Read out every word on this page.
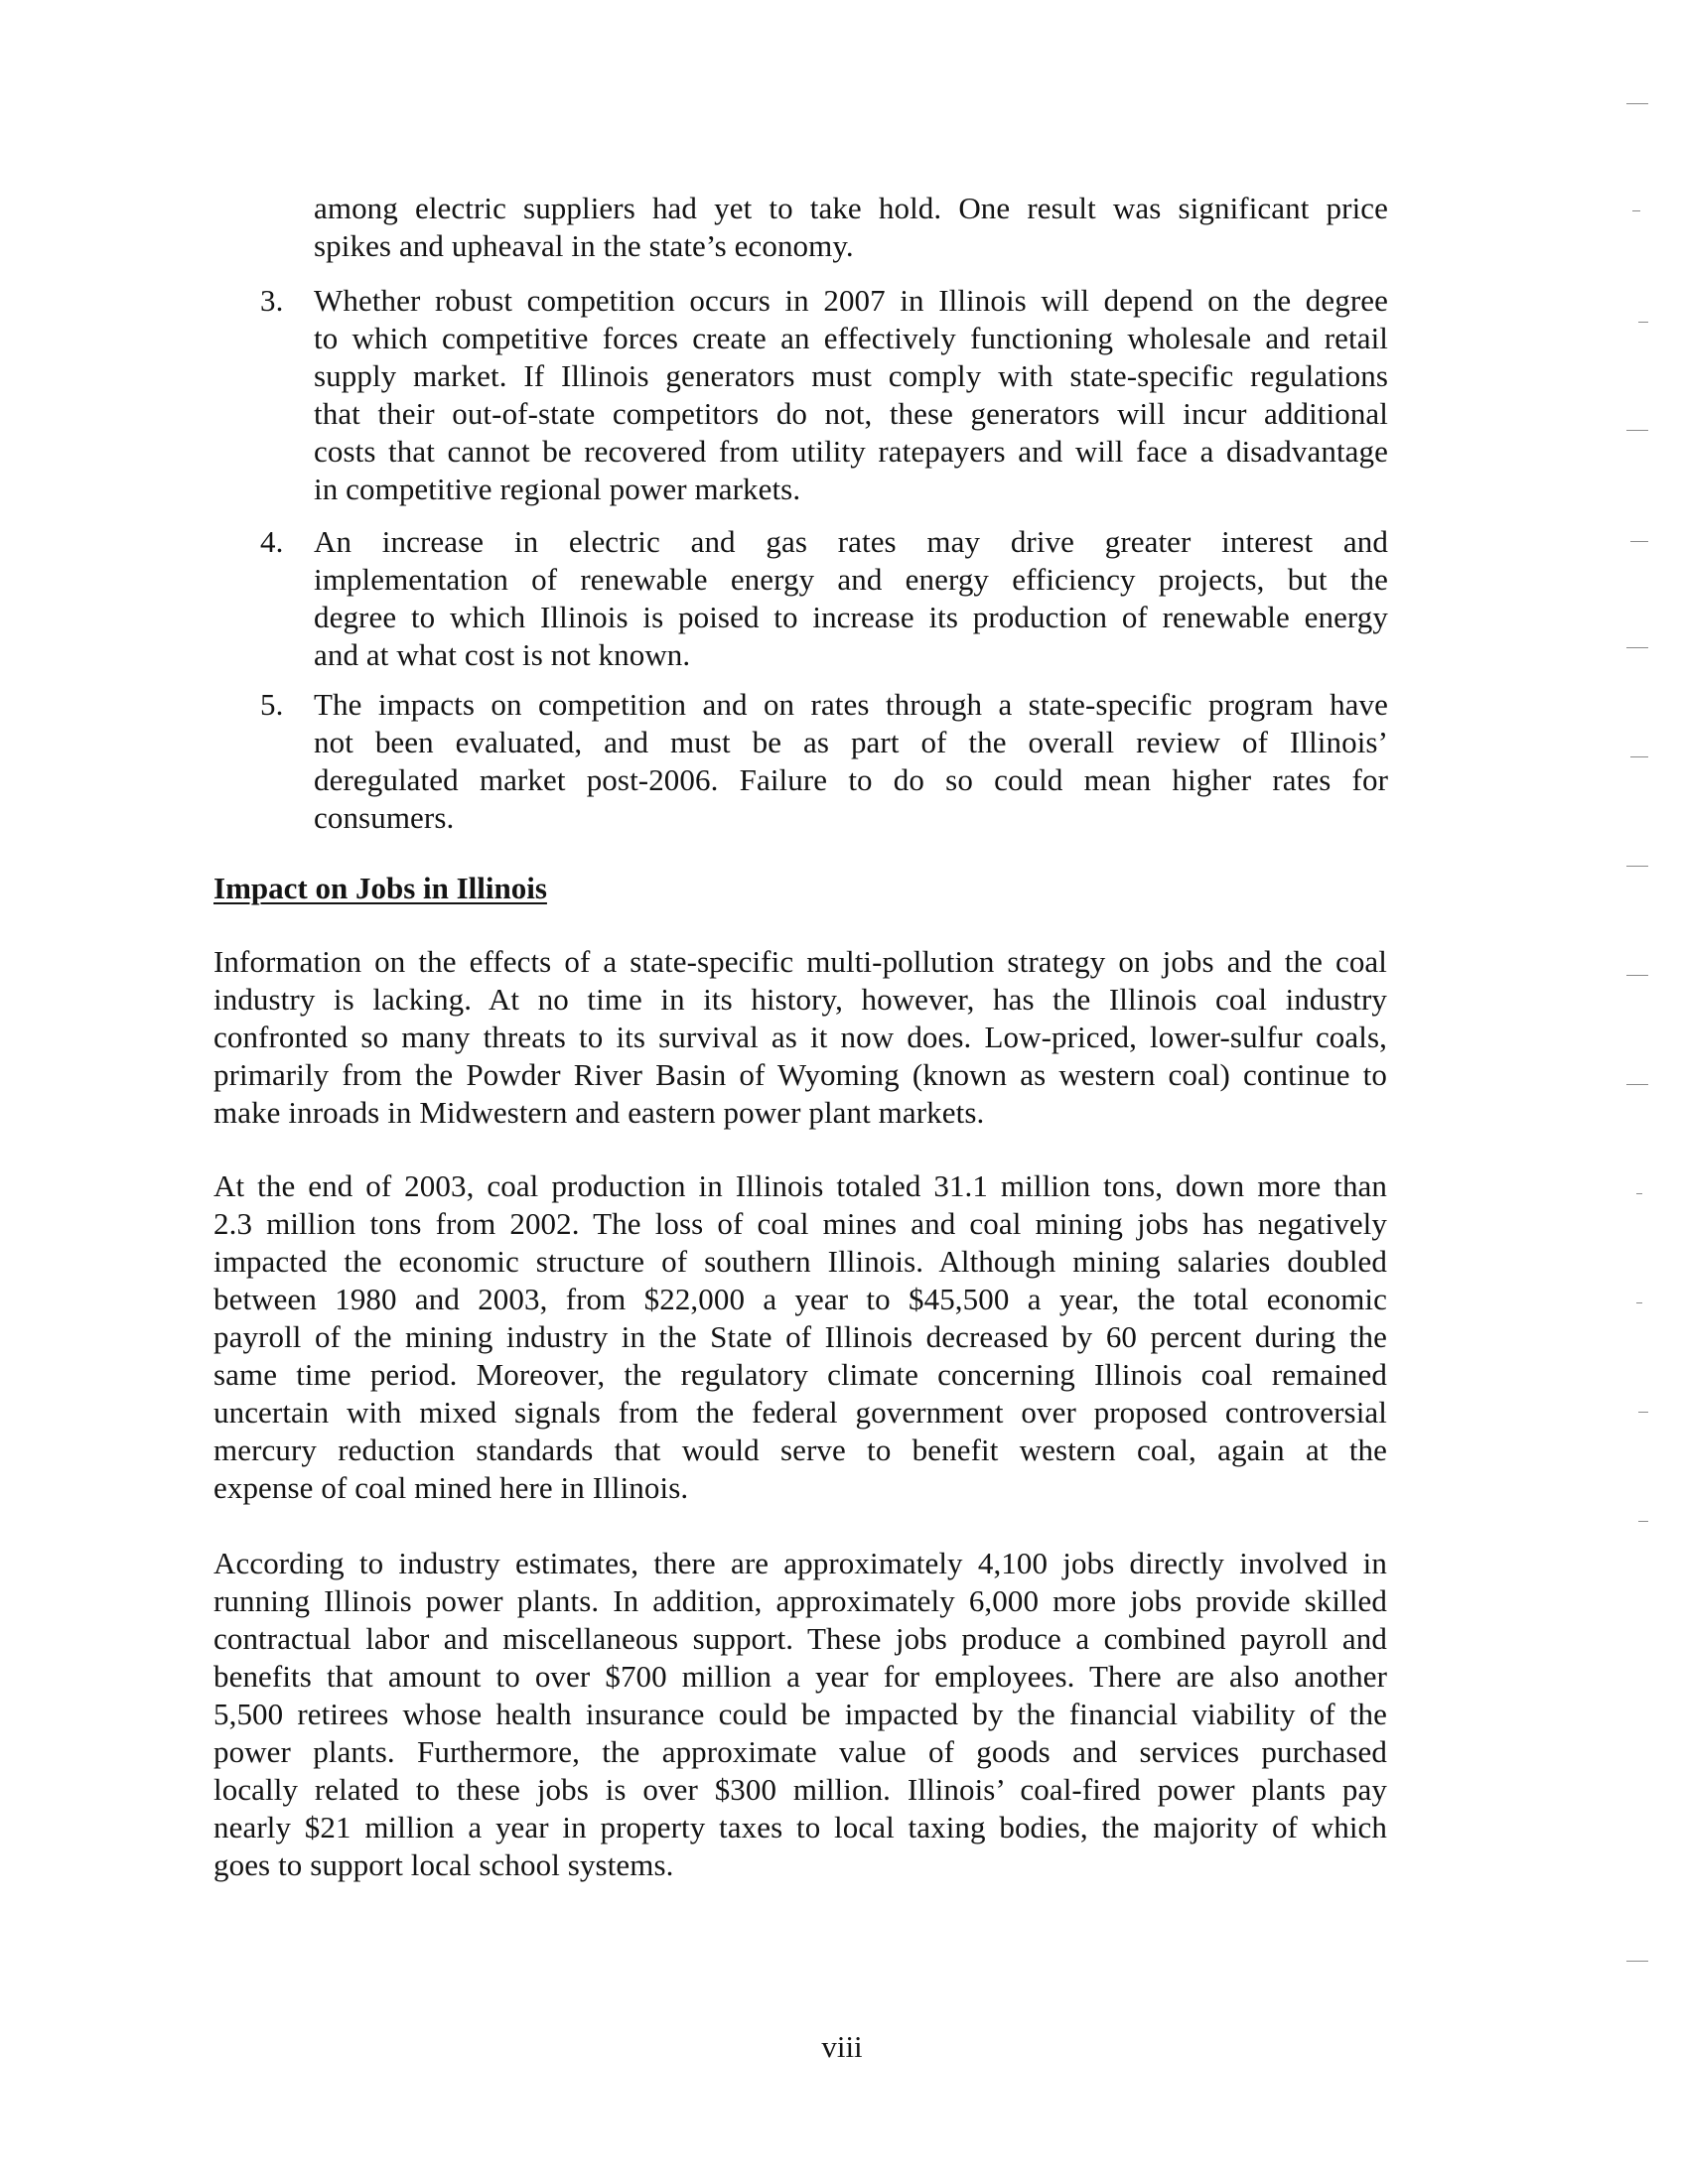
among electric suppliers had yet to take hold. One result was significant price
spikes and upheaval in the state’s economy.
3. Whether robust competition occurs in 2007 in Illinois will depend on the degree
to which competitive forces create an effectively functioning wholesale and retail
supply market. If Illinois generators must comply with state-specific regulations
that their out-of-state competitors do not, these generators will incur additional
costs that cannot be recovered from utility ratepayers and will face a disadvantage
in competitive regional power markets.
4. An increase in electric and gas rates may drive greater interest and
implementation of renewable energy and energy efficiency projects, but the
degree to which Illinois is poised to increase its production of renewable energy
and at what cost is not known.
5. The impacts on competition and on rates through a state-specific program have
not been evaluated, and must be as part of the overall review of Illinois’
deregulated market post-2006. Failure to do so could mean higher rates for
consumers.
Impact on Jobs in Illinois
Information on the effects of a state-specific multi-pollution strategy on jobs and the coal
industry is lacking. At no time in its history, however, has the Illinois coal industry
confronted so many threats to its survival as it now does. Low-priced, lower-sulfur coals,
primarily from the Powder River Basin of Wyoming (known as western coal) continue to
make inroads in Midwestern and eastern power plant markets.
At the end of 2003, coal production in Illinois totaled 31.1 million tons, down more than
2.3 million tons from 2002. The loss of coal mines and coal mining jobs has negatively
impacted the economic structure of southern Illinois. Although mining salaries doubled
between 1980 and 2003, from $22,000 a year to $45,500 a year, the total economic
payroll of the mining industry in the State of Illinois decreased by 60 percent during the
same time period. Moreover, the regulatory climate concerning Illinois coal remained
uncertain with mixed signals from the federal government over proposed controversial
mercury reduction standards that would serve to benefit western coal, again at the
expense of coal mined here in Illinois.
According to industry estimates, there are approximately 4,100 jobs directly involved in
running Illinois power plants. In addition, approximately 6,000 more jobs provide skilled
contractual labor and miscellaneous support. These jobs produce a combined payroll and
benefits that amount to over $700 million a year for employees. There are also another
5,500 retirees whose health insurance could be impacted by the financial viability of the
power plants. Furthermore, the approximate value of goods and services purchased
locally related to these jobs is over $300 million. Illinois’ coal-fired power plants pay
nearly $21 million a year in property taxes to local taxing bodies, the majority of which
goes to support local school systems.
viii
